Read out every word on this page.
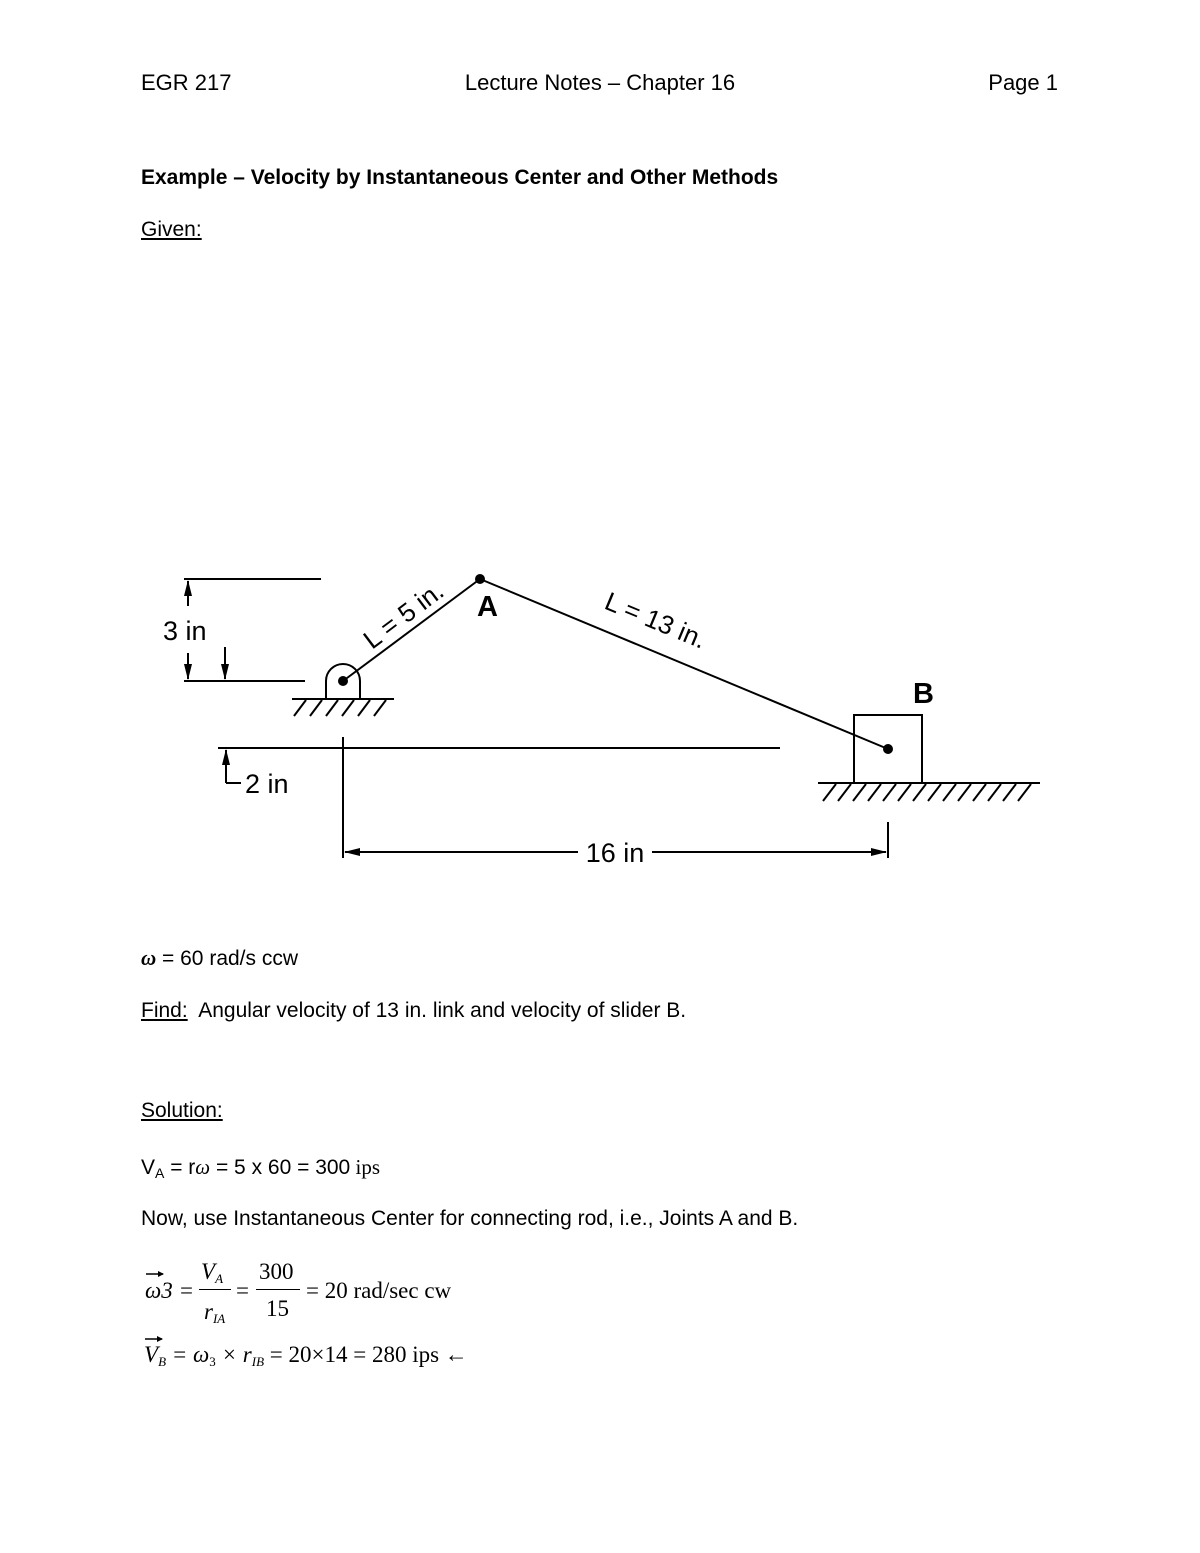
EGR 217	Lecture Notes – Chapter 16	Page 1
Example – Velocity by Instantaneous Center and Other Methods
Given:
3 in
2 in
16 in
L = 5 in.	L = 13 in.
A
B
ω = 60 rad/s ccw
Find: Angular velocity of 13 in. link and velocity of slider B.
Solution:
VA = rω = 5 x 60 = 300 ips
Now, use Instantaneous Center for connecting rod, i.e., Joints A and B.
ω3 =
VA
rIA
=
300
15
= 20 rad/sec cw
VB = ω3 × rIB = 20×14 = 280 ips ←
